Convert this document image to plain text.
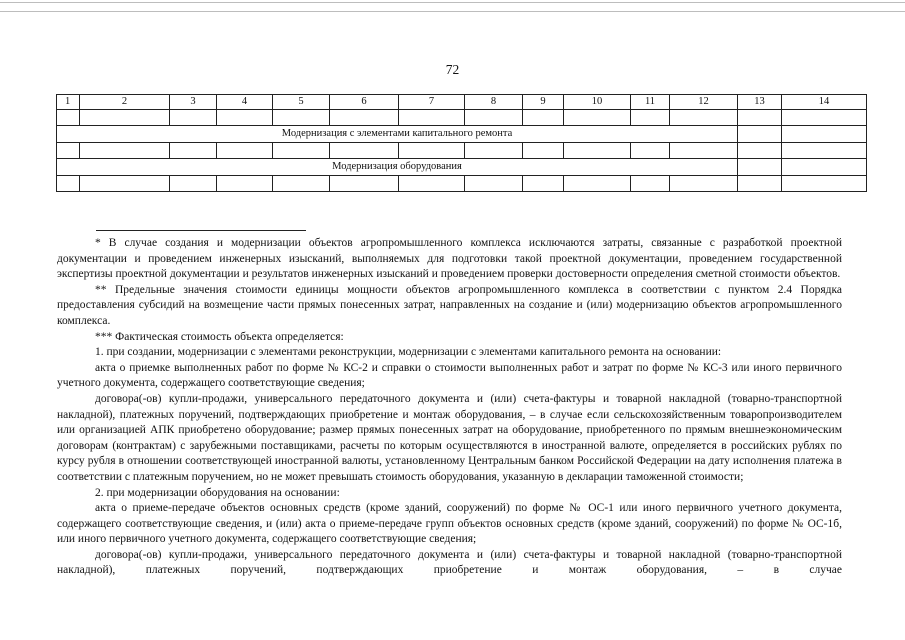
72
1	2	3	4	5	6	7	8	9	10	11	12	13	14

Модернизация с элементами капитального ремонта													

Модернизация оборудования													

* В случае создания и модернизации объектов агропромышленного комплекса исключаются затраты, связанные с разработкой проектной документации и проведением инженерных изысканий, выполняемых для подготовки такой проектной документации, проведением государственной экспертизы проектной документации и результатов инженерных изысканий и проведением проверки достоверности определения сметной стоимости объектов.

** Предельные значения стоимости единицы мощности объектов агропромышленного комплекса в соответствии с пунктом 2.4 Порядка предоставления субсидий на возмещение части прямых понесенных затрат, направленных на создание и (или) модернизацию объектов агропромышленного комплекса.

*** Фактическая стоимость объекта определяется:

1. при создании, модернизации с элементами реконструкции, модернизации с элементами капитального ремонта на основании:

акта о приемке выполненных работ по форме № КС-2 и справки о стоимости выполненных работ и затрат по форме № КС-3 или иного первичного учетного документа, содержащего соответствующие сведения;

договора(-ов) купли-продажи, универсального передаточного документа и (или) счета-фактуры и товарной накладной (товарно-транспортной накладной), платежных поручений, подтверждающих приобретение и монтаж оборудования, – в случае если сельскохозяйственным товаропроизводителем или организацией АПК приобретено оборудование; размер прямых понесенных затрат на оборудование, приобретенного по прямым внешнеэкономическим договорам (контрактам) с зарубежными поставщиками, расчеты по которым осуществляются в иностранной валюте, определяется в российских рублях по курсу рубля в отношении соответствующей иностранной валюты, установленному Центральным банком Российской Федерации на дату исполнения платежа в соответствии с платежным поручением, но не может превышать стоимость оборудования, указанную в декларации таможенной стоимости;

2. при модернизации оборудования на основании:

акта о приеме-передаче объектов основных средств (кроме зданий, сооружений) по форме № ОС-1 или иного первичного учетного документа, содержащего соответствующие сведения, и (или) акта о приеме-передаче групп объектов основных средств (кроме зданий, сооружений) по форме № ОС-1б, или иного первичного учетного документа, содержащего соответствующие сведения;

договора(-ов) купли-продажи, универсального передаточного документа и (или) счета-фактуры и товарной накладной (товарно-транспортной накладной), платежных поручений, подтверждающих приобретение и монтаж оборудования, – в случае
